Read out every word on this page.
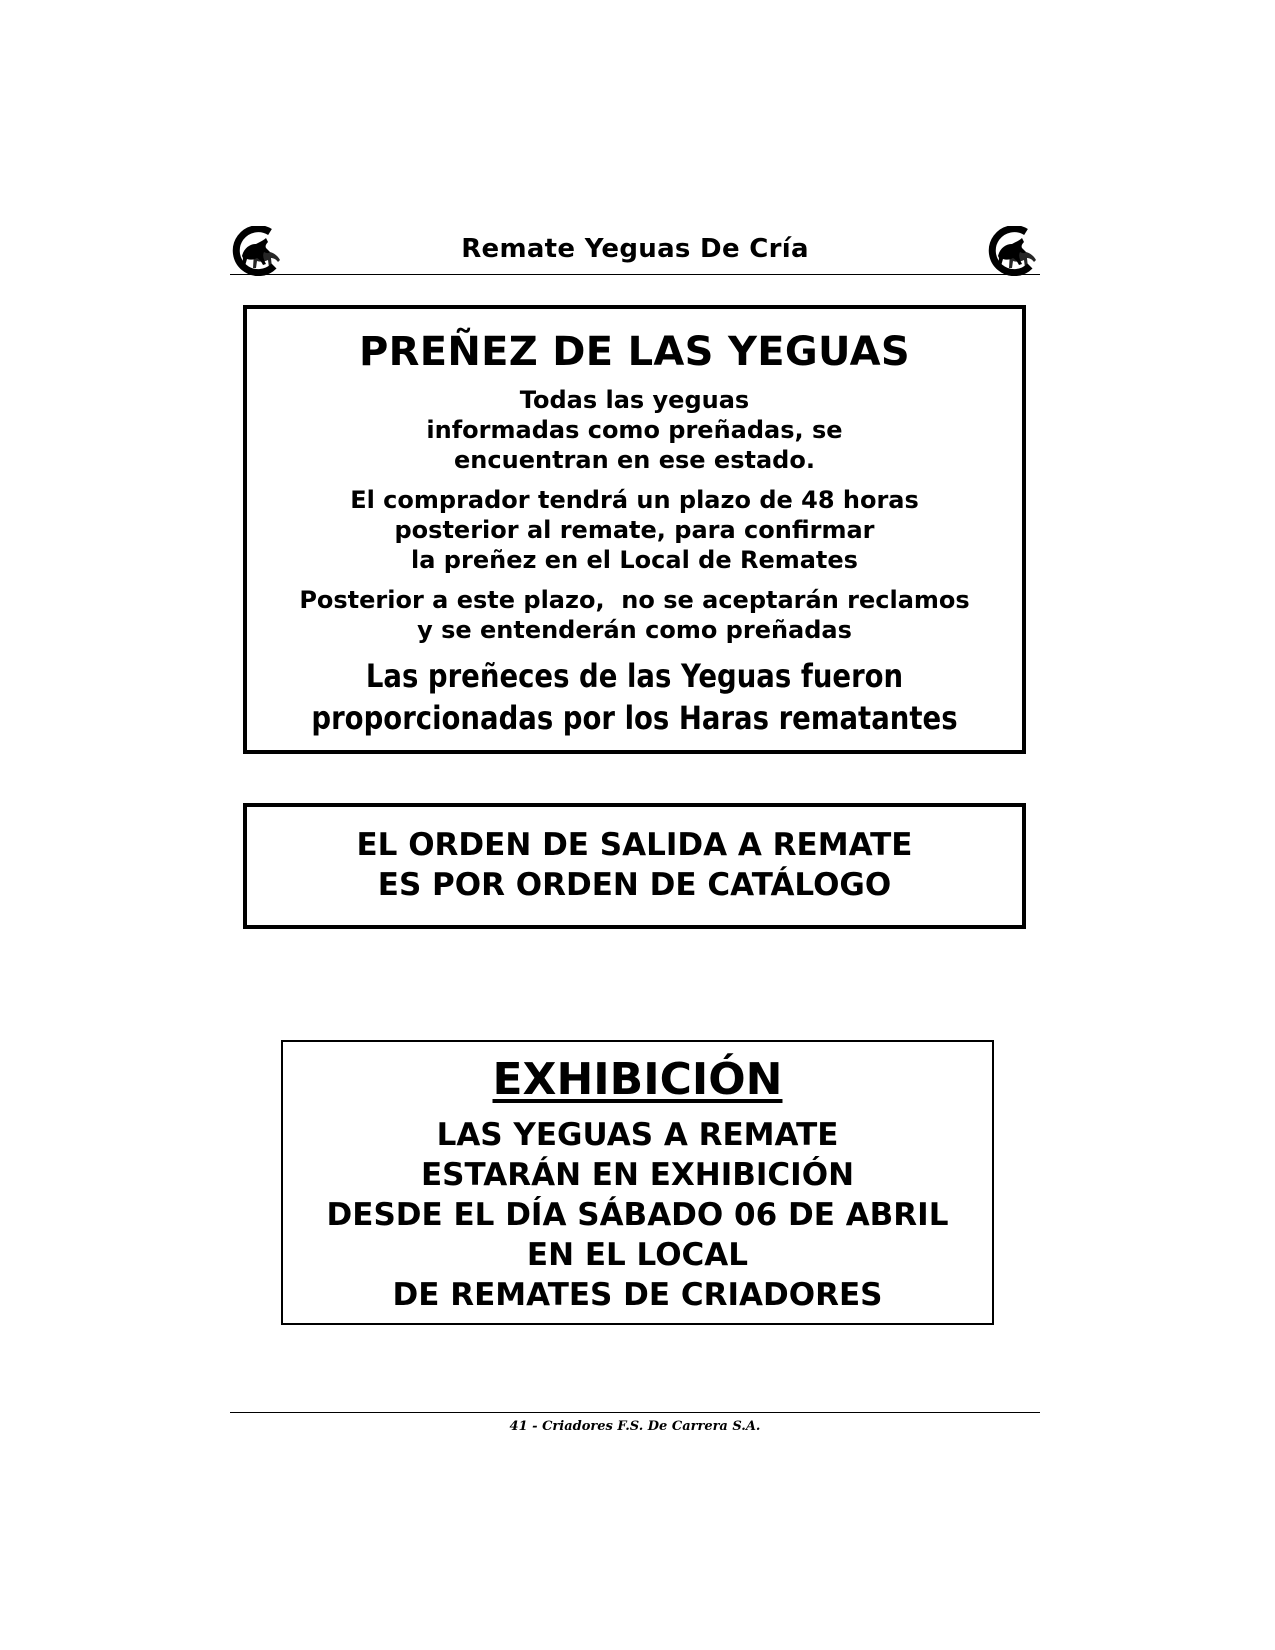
Remate Yeguas De Cría
PREÑEZ DE LAS YEGUAS
Todas las yeguas
informadas como preñadas, se
encuentran en ese estado.
El comprador tendrá un plazo de 48 horas
posterior al remate, para confirmar
la preñez en el Local de Remates
Posterior a este plazo,  no se aceptarán reclamos
y se entenderán como preñadas
Las preñeces de las Yeguas fueron
proporcionadas por los Haras rematantes
EL ORDEN DE SALIDA A REMATE
ES POR ORDEN DE CATÁLOGO
EXHIBICIÓN
LAS YEGUAS A REMATE
ESTARÁN EN EXHIBICIÓN
DESDE EL DÍA SÁBADO 06 DE ABRIL
EN EL LOCAL
DE REMATES DE CRIADORES
41 - Criadores F.S. De Carrera S.A.
